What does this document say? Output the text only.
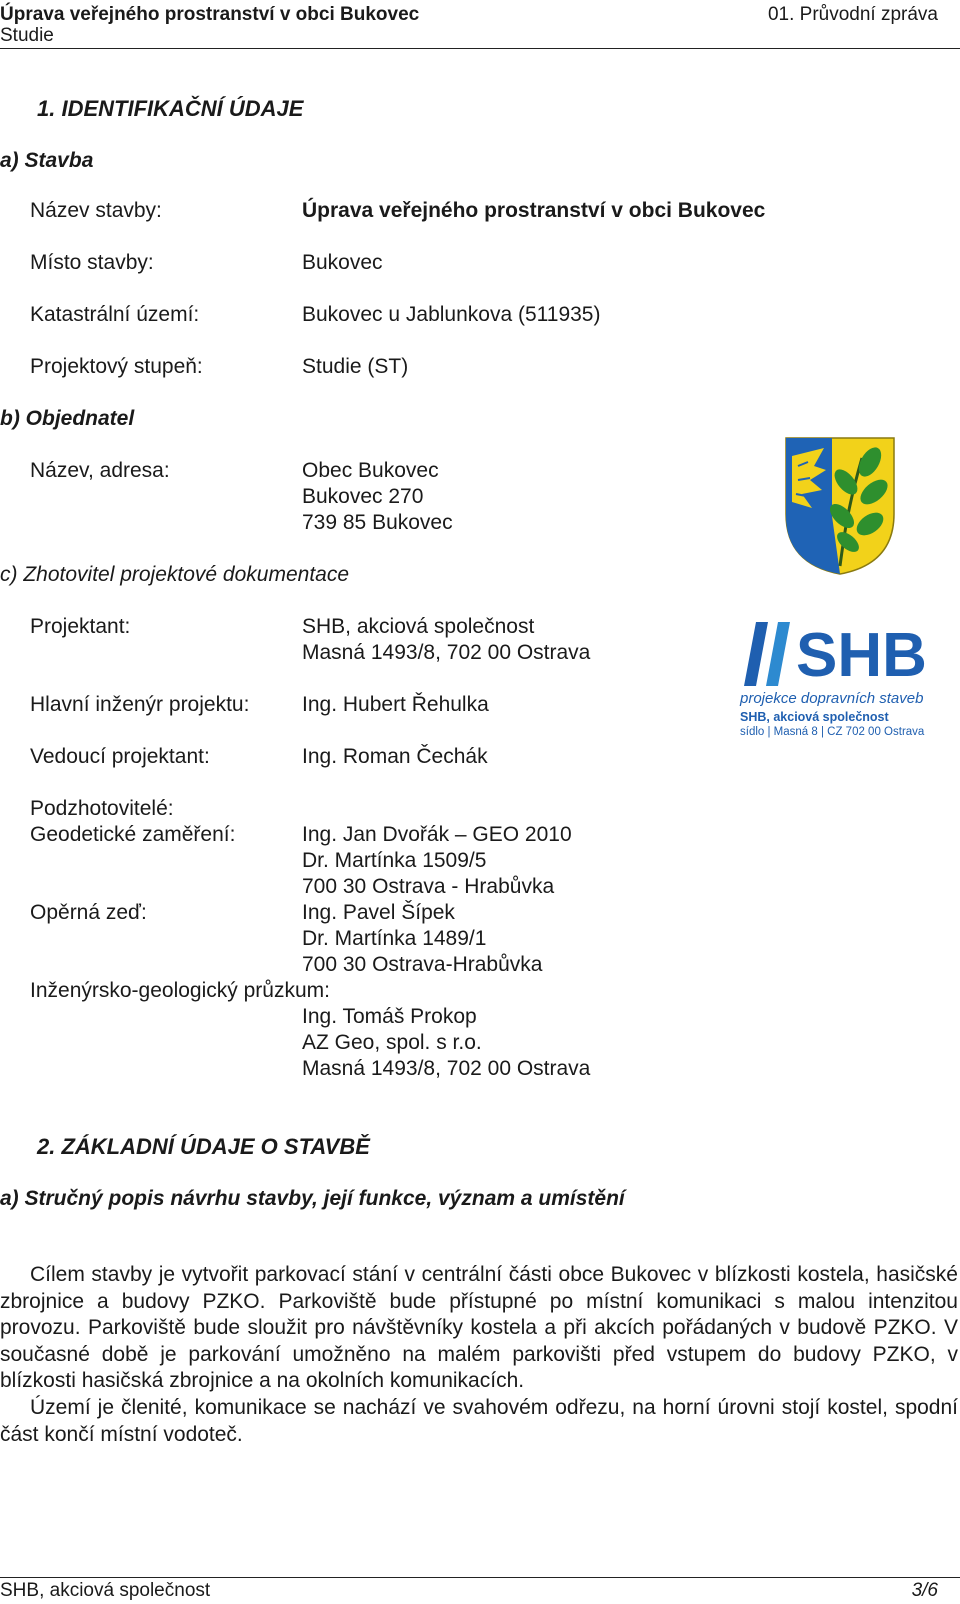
Úprava veřejného prostranství v obci Bukovec
Studie
01. Průvodní zpráva
1. IDENTIFIKAČNÍ ÚDAJE
a) Stavba
Název stavby:	Úprava veřejného prostranství v obci Bukovec
Místo stavby:	Bukovec
Katastrální území:	Bukovec u Jablunkova (511935)
Projektový stupeň:	Studie (ST)
b) Objednatel
Název, adresa:	Obec Bukovec
Bukovec 270
739 85 Bukovec
c) Zhotovitel projektové dokumentace
Projektant:	SHB, akciová společnost
Masná 1493/8, 702 00 Ostrava
Hlavní inženýr projektu:	Ing. Hubert Řehulka
Vedoucí projektant:	Ing. Roman Čechák
Podzhotovitelé:
Geodetické zaměření:	Ing. Jan Dvořák – GEO 2010
Dr. Martínka 1509/5
700 30 Ostrava - Hrabůvka
Opěrná zeď:	Ing. Pavel Šípek
Dr. Martínka 1489/1
700 30 Ostrava-Hrabůvka
Inženýrsko-geologický průzkum:
Ing. Tomáš Prokop
AZ Geo, spol. s r.o.
Masná 1493/8, 702 00 Ostrava
2. ZÁKLADNÍ ÚDAJE O STAVBĚ
a) Stručný popis návrhu stavby, její funkce, význam a umístění

Cílem stavby je vytvořit parkovací stání v centrální části obce Bukovec v blízkosti kostela, hasičské zbrojnice a budovy PZKO. Parkoviště bude přístupné po místní komunikaci s malou intenzitou provozu. Parkoviště bude sloužit pro návštěvníky kostela a při akcích pořádaných v budově PZKO. V současné době je parkování umožněno na malém parkovišti před vstupem do budovy PZKO, v blízkosti hasičská zbrojnice a na okolních komunikacích.

Území je členité, komunikace se nachází ve svahovém odřezu, na horní úrovni stojí kostel, spodní část končí místní vodoteč.

SHB
projekce dopravních staveb
SHB, akciová společnost
sídlo | Masná 8 | CZ 702 00 Ostrava
SHB, akciová společnost	3/6
